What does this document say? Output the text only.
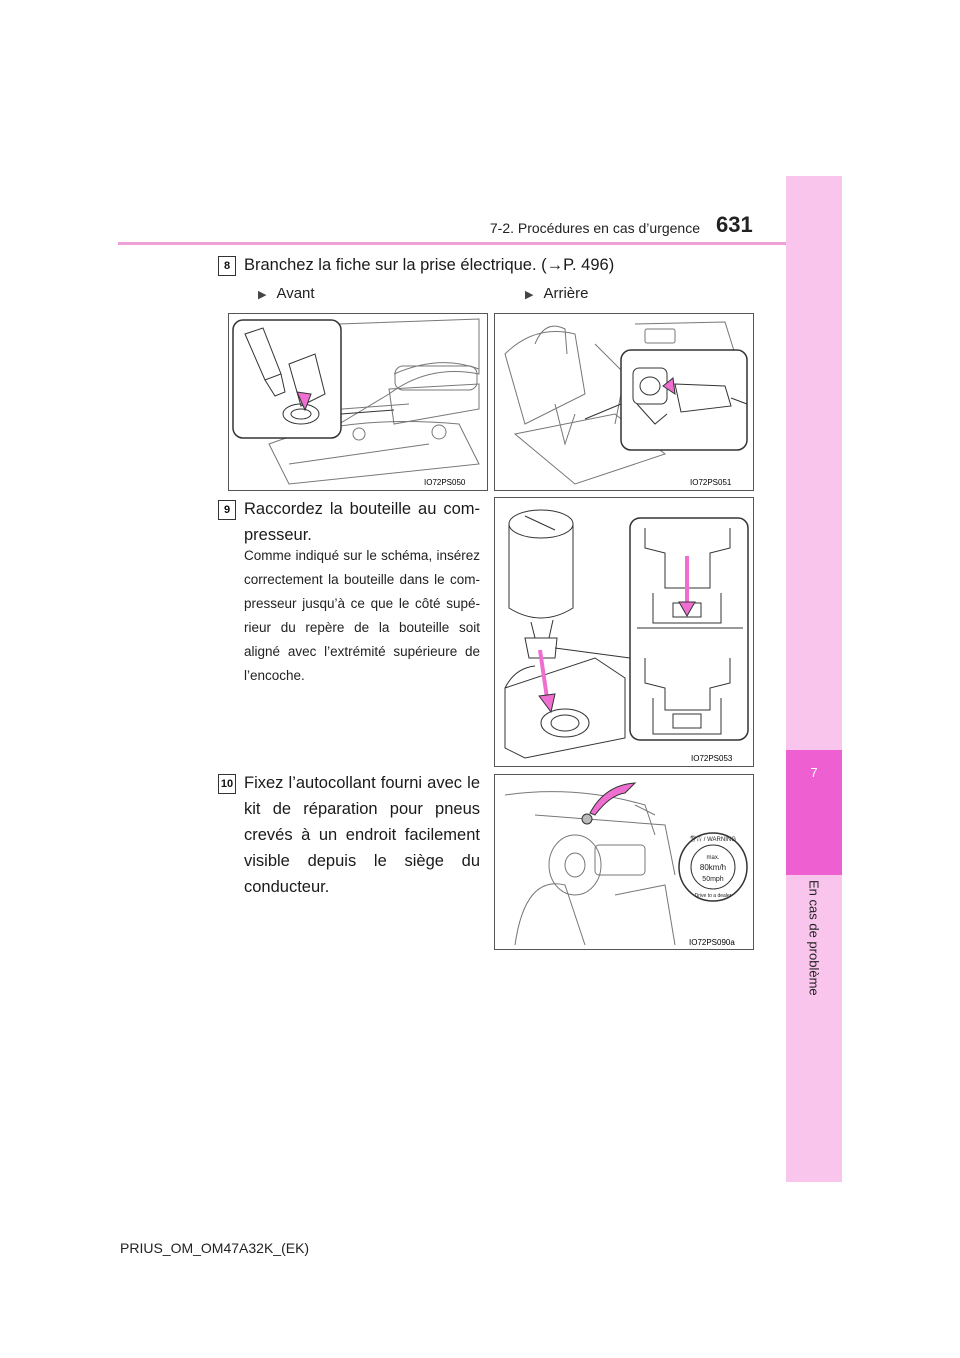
7-2. Procédures en cas d’urgence 631
7
En cas de problème
8 Branchez la fiche sur la prise électrique. (→P. 496)
▶ Avant	▶ Arrière
IO72PS050	IO72PS051
9 Raccordez la bouteille au com-presseur.
Comme indiqué sur le schéma, insérez correctement la bouteille dans le com-presseur jusqu’à ce que le côté supé-rieur du repère de la bouteille soit aligné avec l’extrémité supérieure de l’encoche.
IO72PS053
10 Fixez l’autocollant fourni avec le kit de réparation pour pneus crevés à un endroit facilement visible depuis le siège du conducteur.
警告 / WARNING
max.
80km/h
50mph
Drive to a dealer
IO72PS090a
PRIUS_OM_OM47A32K_(EK)
